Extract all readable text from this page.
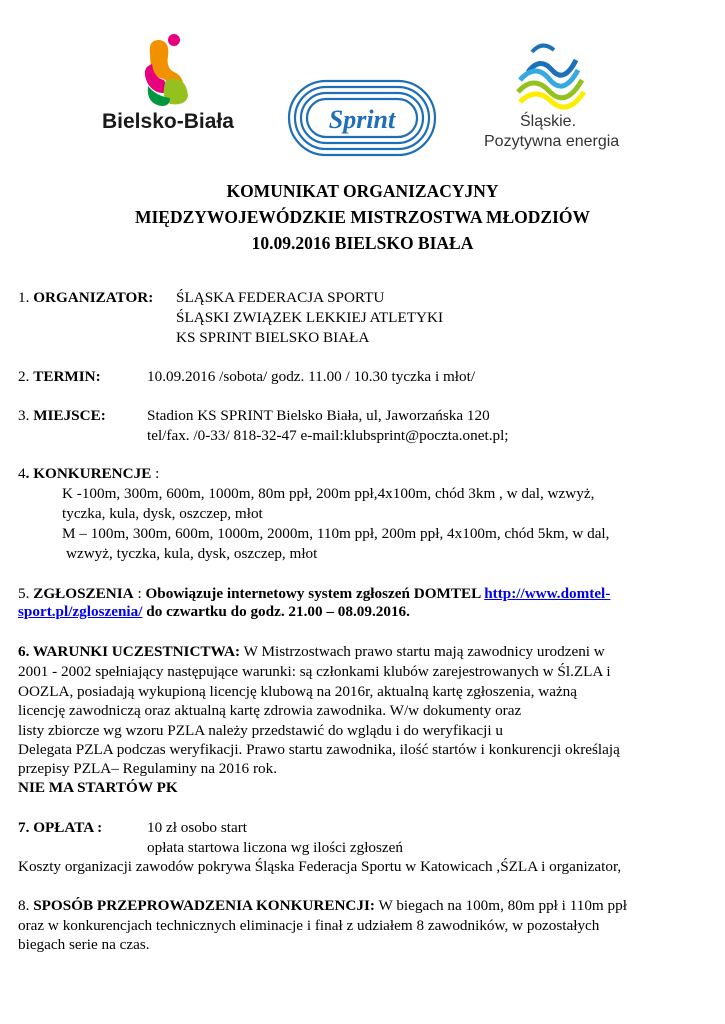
Bielsko-Biała	Sprint	Śląskie.
Pozytywna energia
KOMUNIKAT ORGANIZACYJNY
MIĘDZYWOJEWÓDZKIE MISTRZOSTWA MŁODZIÓW
10.09.2016 BIELSKO BIAŁA
1. ORGANIZATOR: ŚLĄSKA FEDERACJA SPORTU
ŚLĄSKI ZWIĄZEK LEKKIEJ ATLETYKI
KS SPRINT BIELSKO BIAŁA
2. TERMIN:	10.09.2016 /sobota/ godz. 11.00 / 10.30 tyczka i młot/
3. MIEJSCE:	Stadion KS SPRINT Bielsko Biała, ul, Jaworzańska 120
tel/fax. /0-33/ 818-32-47 e-mail:klubsprint@poczta.onet.pl;
4. KONKURENCJE :
K -100m, 300m, 600m, 1000m, 80m ppł, 200m ppł,4x100m, chód 3km , w dal, wzwyż,
tyczka, kula, dysk, oszczep, młot
M – 100m, 300m, 600m, 1000m, 2000m, 110m ppł, 200m ppł, 4x100m, chód 5km, w dal,
wzwyż, tyczka, kula, dysk, oszczep, młot
5. ZGŁOSZENIA : Obowiązuje internetowy system zgłoszeń DOMTEL http://www.domtel-
sport.pl/zgloszenia/ do czwartku do godz. 21.00 – 08.09.2016.
6. WARUNKI UCZESTNICTWA: W Mistrzostwach prawo startu mają zawodnicy urodzeni w
2001 - 2002 spełniający następujące warunki: są członkami klubów zarejestrowanych w Śl.ZLA i
OOZLA, posiadają wykupioną licencję klubową na 2016r, aktualną kartę zgłoszenia, ważną
licencję zawodniczą oraz aktualną kartę zdrowia zawodnika. W/w dokumenty oraz
listy zbiorcze wg wzoru PZLA należy przedstawić do wglądu i do weryfikacji u
Delegata PZLA podczas weryfikacji. Prawo startu zawodnika, ilość startów i konkurencji określają
przepisy PZLA– Regulaminy na 2016 rok.
NIE MA STARTÓW PK
7. OPŁATA :	10 zł osobo start
opłata startowa liczona wg ilości zgłoszeń
Koszty organizacji zawodów pokrywa Śląska Federacja Sportu w Katowicach ,ŚZLA i organizator,
8. SPOSÓB PRZEPROWADZENIA KONKURENCJI: W biegach na 100m, 80m ppł i 110m ppł
oraz w konkurencjach technicznych eliminacje i finał z udziałem 8 zawodników, w pozostałych
biegach serie na czas.
